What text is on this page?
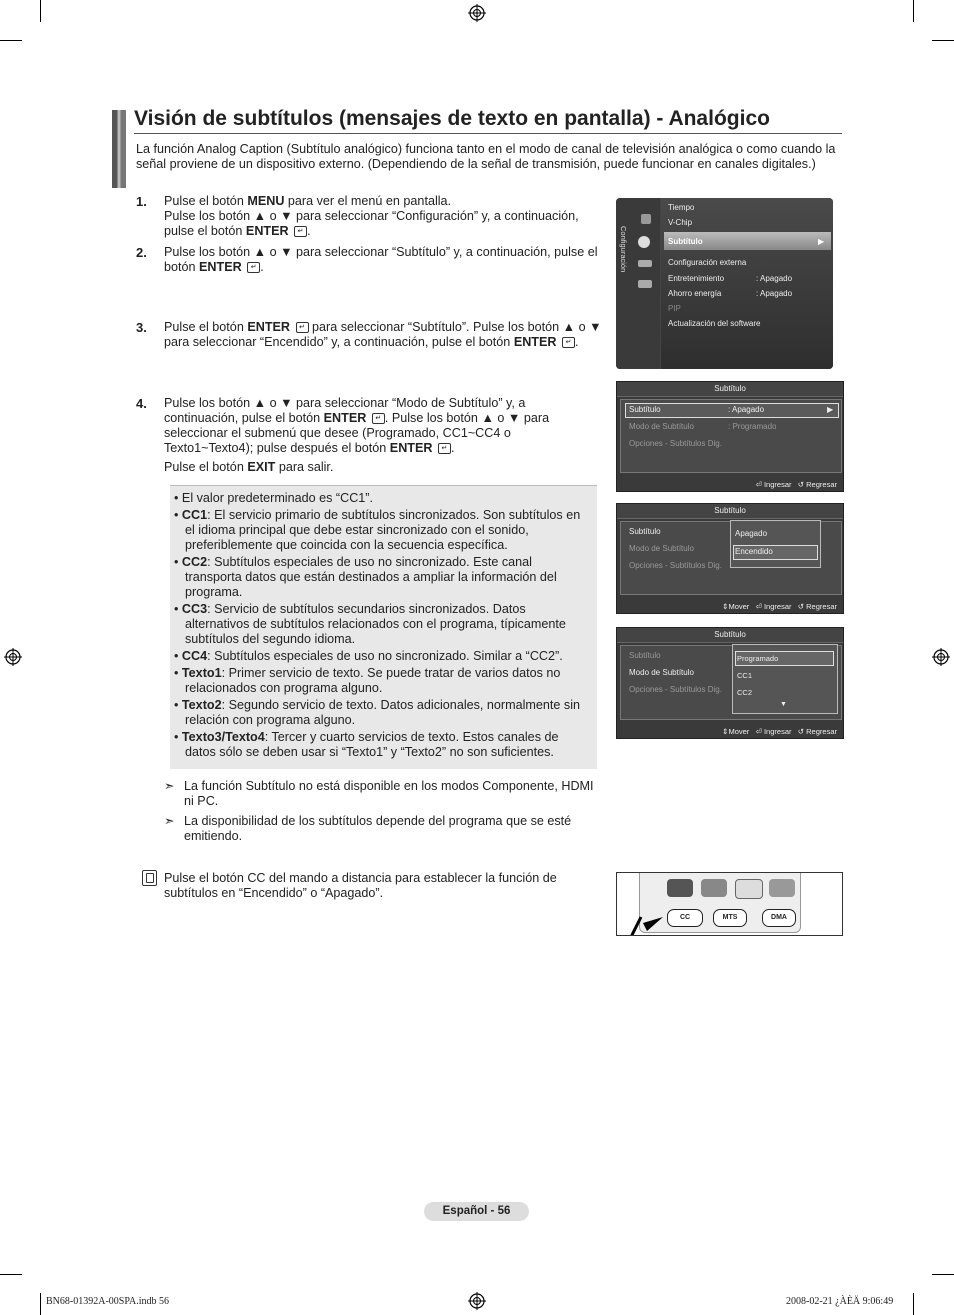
Visión de subtítulos (mensajes de texto en pantalla) - Analógico
La función Analog Caption (Subtítulo analógico) funciona tanto en el modo de canal de televisión analógica o como cuando la señal proviene de un dispositivo externo. (Dependiendo de la señal de transmisión, puede funcionar en canales digitales.)
1.	Pulse el botón MENU para ver el menú en pantalla.
Pulse los botón ▲ o ▼ para seleccionar “Configuración” y, a continuación, pulse el botón ENTER ↵ .
2.	Pulse los botón ▲ o ▼ para seleccionar “Subtítulo” y, a continuación, pulse el botón ENTER ↵ .
3.	Pulse el botón ENTER ↵ para seleccionar “Subtítulo”. Pulse los botón ▲ o ▼ para seleccionar “Encendido” y, a continuación, pulse el botón ENTER ↵ .
4.	Pulse los botón ▲ o ▼ para seleccionar “Modo de Subtítulo” y, a continuación, pulse el botón ENTER ↵ . Pulse los botón ▲ o ▼ para seleccionar el submenú que desee (Programado, CC1~CC4 o Texto1~Texto4); pulse después el botón ENTER ↵ .
Pulse el botón EXIT para salir.
• El valor predeterminado es “CC1”.
• CC1: El servicio primario de subtítulos sincronizados. Son subtítulos en el idioma principal que debe estar sincronizado con el sonido, preferiblemente que coincida con la secuencia específica.
• CC2: Subtítulos especiales de uso no sincronizado. Este canal transporta datos que están destinados a ampliar la información del programa.
• CC3: Servicio de subtítulos secundarios sincronizados. Datos alternativos de subtítulos relacionados con el programa, típicamente subtítulos del segundo idioma.
• CC4: Subtítulos especiales de uso no sincronizado. Similar a “CC2”.
• Texto1: Primer servicio de texto. Se puede tratar de varios datos no relacionados con programa alguno.
• Texto2: Segundo servicio de texto. Datos adicionales, normalmente sin relación con programa alguno.
• Texto3/Texto4: Tercer y cuarto servicios de texto. Estos canales de datos sólo se deben usar si “Texto1” y “Texto2” no son suficientes.
➣ La función Subtítulo no está disponible en los modos Componente, HDMI ni PC.
➣ La disponibilidad de los subtítulos depende del programa que se esté emitiendo.
Pulse el botón CC del mando a distancia para establecer la función de subtítulos en “Encendido” o “Apagado”.
Configuración
Tiempo
V-Chip
Subtítulo	▶
Configuración externa
Entretenimiento	: Apagado
Ahorro energía	: Apagado
PIP
Actualización del software
Subtítulo
Subtítulo	: Apagado	▶
Modo de Subtítulo	: Programado
Opciones - Subtítulos Dig.
⏎ Ingresar ↺ Regresar
Subtítulo
Subtítulo
Modo de Subtítulo
Opciones - Subtítulos Dig.
Apagado
Encendido
⇕Mover ⏎ Ingresar ↺ Regresar
Subtítulo
Subtítulo
Modo de Subtítulo
Opciones - Subtítulos Dig.
Programado
CC1
CC2
▼
⇕Mover ⏎ Ingresar ↺ Regresar
CC	MTS	DMA
Español - 56
BN68-01392A-00SPA.indb 56	2008-02-21 ¿ÀÈÄ 9:06:49
